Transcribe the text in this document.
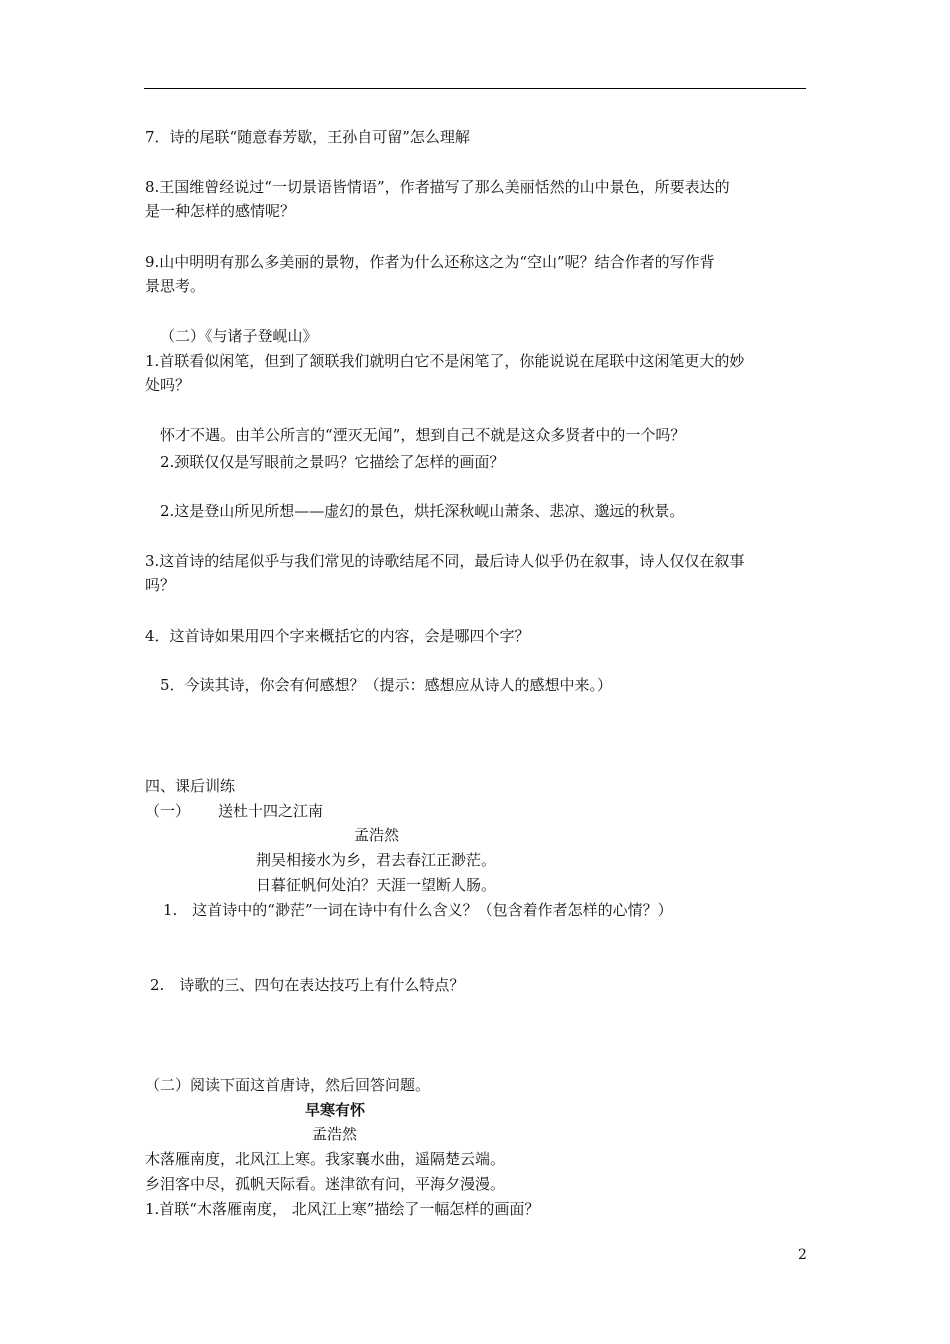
7．诗的尾联“随意春芳歇，王孙自可留”怎么理解
8.王国维曾经说过“一切景语皆情语”，作者描写了那么美丽恬然的山中景色，所要表达的
是一种怎样的感情呢？
9.山中明明有那么多美丽的景物，作者为什么还称这之为“空山”呢？结合作者的写作背
景思考。
（二）《与诸子登岘山》
1.首联看似闲笔，但到了颔联我们就明白它不是闲笔了，你能说说在尾联中这闲笔更大的妙
处吗？
怀才不遇。由羊公所言的“湮灭无闻”，想到自己不就是这众多贤者中的一个吗？
2.颈联仅仅是写眼前之景吗？它描绘了怎样的画面？
2.这是登山所见所想——虚幻的景色，烘托深秋岘山萧条、悲凉、邈远的秋景。
3.这首诗的结尾似乎与我们常见的诗歌结尾不同，最后诗人似乎仍在叙事，诗人仅仅在叙事
吗？
4．这首诗如果用四个字来概括它的内容，会是哪四个字？
5．今读其诗，你会有何感想？（提示：感想应从诗人的感想中来。）
四、课后训练
（一） 送杜十四之江南
孟浩然
荆吴相接水为乡，君去春江正渺茫。
日暮征帆何处泊？天涯一望断人肠。
1.　这首诗中的“渺茫”一词在诗中有什么含义？（包含着作者怎样的心情？）
2.　诗歌的三、四句在表达技巧上有什么特点？
（二）阅读下面这首唐诗，然后回答问题。
早寒有怀
孟浩然
木落雁南度，北风江上寒。我家襄水曲，遥隔楚云端。
乡泪客中尽，孤帆天际看。迷津欲有问，平海夕漫漫。
1.首联“木落雁南度， 北风江上寒”描绘了一幅怎样的画面？
2
